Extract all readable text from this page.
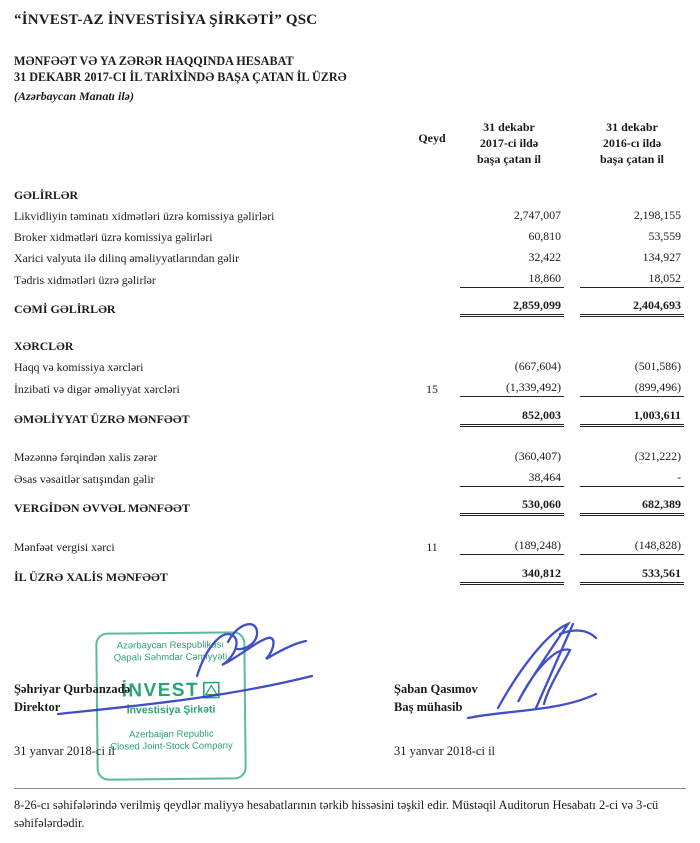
“İNVEST-AZ İNVESTİSİYA ŞİRKƏTİ” QSC
MƏNFƏƏT VƏ YA ZƏRƏR HAQQINDA HESABAT
31 DEKABR 2017-CI İL TARİXİNDƏ BAŞA ÇATAN İL ÜZRƏ
(Azərbaycan Manatı ilə)
	Qeyd	
31 dekabr
2017-ci ildə
başa çatan il

31 dekabr
2016-cı ildə
başa çatan il

GƏLİRLƏR			
Likvidliyin təminatı xidmətləri üzrə komissiya gəlirləri		2,747,007	2,198,155

Broker xidmətləri üzrə komissiya gəlirləri		60,810	53,559

Xarici valyuta ilə dilinq əməliyyatlarından gəlir		32,422	134,927

Tədris xidmətləri üzrə gəlirlər		18,860	18,052

CƏMİ GƏLİRLƏR		2,859,099	2,404,693

XƏRCLƏR			
Haqq və komissiya xərcləri		(667,604)	(501,586)

İnzibati və digər əməliyyat xərcləri	15	(1,339,492)	(899,496)

ƏMƏLİYYAT ÜZRƏ MƏNFƏƏT		852,003	1,003,611

Məzənnə fərqindən xalis zərər		(360,407)	(321,222)

Əsas vəsaitlər satışından gəlir		38,464	-

VERGİDƏN ƏVVƏL MƏNFƏƏT		530,060	682,389

Mənfəət vergisi xərci	11	(189,248)	(148,828)

İL ÜZRƏ XALİS MƏNFƏƏT		340,812	533,561
Azərbaycan Respublikası
Qapalı Səhmdar Cəmiyyəti
İNVEST
İnvestisiya Şirkəti
Azerbaijan Republic
Closed Joint-Stock Company
Şəhriyar Qurbanzadə
Direktor
Şaban Qasımov
Baş mühasib
31 yanvar 2018-ci il	31 yanvar 2018-ci il
8-26-cı səhifələrində verilmiş qeydlər maliyyə hesabatlarının tərkib hissəsini təşkil edir. Müstəqil Auditorun Hesabatı 2-ci və 3-cü səhifələrdədir.
